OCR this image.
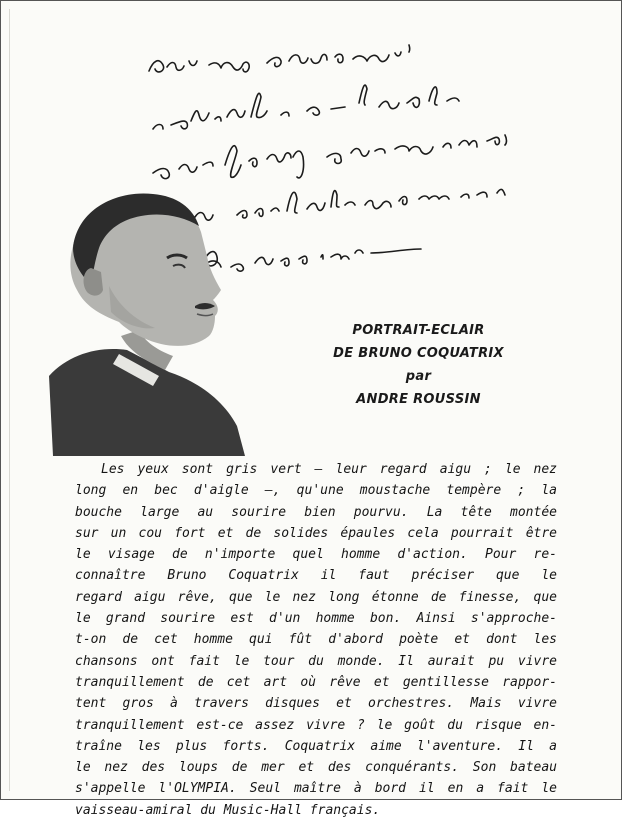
PORTRAIT-ECLAIR
DE BRUNO COQUATRIX
par
ANDRE ROUSSIN
Les yeux sont gris vert — leur regard aigu ; le nez
long en bec d'aigle —, qu'une moustache tempère ; la
bouche large au sourire bien pourvu. La tête montée
sur un cou fort et de solides épaules cela pourrait être
le visage de n'importe quel homme d'action. Pour re-
connaître Bruno Coquatrix il faut préciser que le
regard aigu rêve, que le nez long étonne de finesse, que
le grand sourire est d'un homme bon. Ainsi s'approche-
t-on de cet homme qui fût d'abord poète et dont les
chansons ont fait le tour du monde. Il aurait pu vivre
tranquillement de cet art où rêve et gentillesse rappor-
tent gros à travers disques et orchestres. Mais vivre
tranquillement est-ce assez vivre ? le goût du risque en-
traîne les plus forts. Coquatrix aime l'aventure. Il a
le nez des loups de mer et des conquérants. Son bateau
s'appelle l'OLYMPIA. Seul maître à bord il en a fait le
vaisseau-amiral du Music-Hall français.
